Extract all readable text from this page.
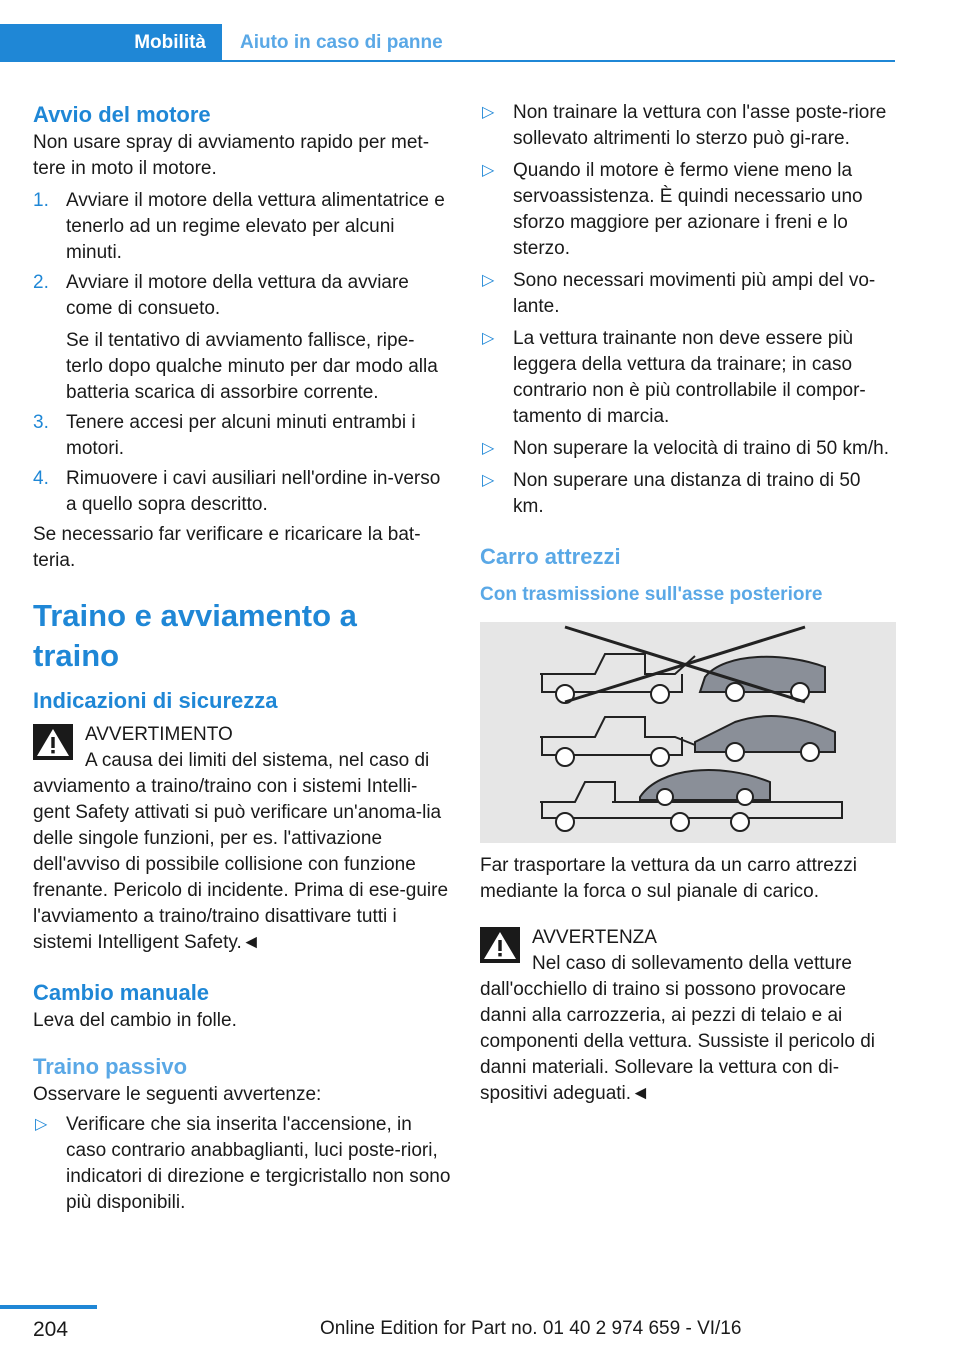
Mobilità	Aiuto in caso di panne
Avvio del motore

Non usare spray di avviamento rapido per met-tere in moto il motore.

1. Avviare il motore della vettura alimentatrice e tenerlo ad un regime elevato per alcuni minuti.
2. Avviare il motore della vettura da avviare come di consueto.

Se il tentativo di avviamento fallisce, ripe-terlo dopo qualche minuto per dar modo alla batteria scarica di assorbire corrente.

3. Tenere accesi per alcuni minuti entrambi i motori.
4. Rimuovere i cavi ausiliari nell'ordine in-verso a quello sopra descritto.

Se necessario far verificare e ricaricare la bat-teria.

Traino e avviamento a traino
Indicazioni di sicurezza

AVVERTIMENTO

A causa dei limiti del sistema, nel caso di

avviamento a traino/traino con i sistemi Intelli-gent Safety attivati si può verificare un'anoma-lia delle singole funzioni, per es. l'attivazione dell'avviso di possibile collisione con funzione frenante. Pericolo di incidente. Prima di ese-guire l'avviamento a traino/traino disattivare tutti i sistemi Intelligent Safety.◄

Cambio manuale

Leva del cambio in folle.

Traino passivo

Osservare le seguenti avvertenze:

▷ Verificare che sia inserita l'accensione, in caso contrario anabbaglianti, luci poste-riori, indicatori di direzione e tergicristallo non sono più disponibili.
▷ Non trainare la vettura con l'asse poste-riore sollevato altrimenti lo sterzo può gi-rare.
▷ Quando il motore è fermo viene meno la servoassistenza. È quindi necessario uno sforzo maggiore per azionare i freni e lo sterzo.
▷ Sono necessari movimenti più ampi del vo-lante.
▷ La vettura trainante non deve essere più leggera della vettura da trainare; in caso contrario non è più controllabile il compor-tamento di marcia.
▷ Non superare la velocità di traino di 50 km/h.
▷ Non superare una distanza di traino di 50 km.
Carro attrezzi
Con trasmissione sull'asse posteriore

Far trasportare la vettura da un carro attrezzi mediante la forca o sul pianale di carico.

AVVERTENZA

Nel caso di sollevamento della vetture

dall'occhiello di traino si possono provocare danni alla carrozzeria, ai pezzi di telaio e ai componenti della vettura. Sussiste il pericolo di danni materiali. Sollevare la vettura con di-spositivi adeguati.◄

204	Online Edition for Part no. 01 40 2 974 659 - VI/16
